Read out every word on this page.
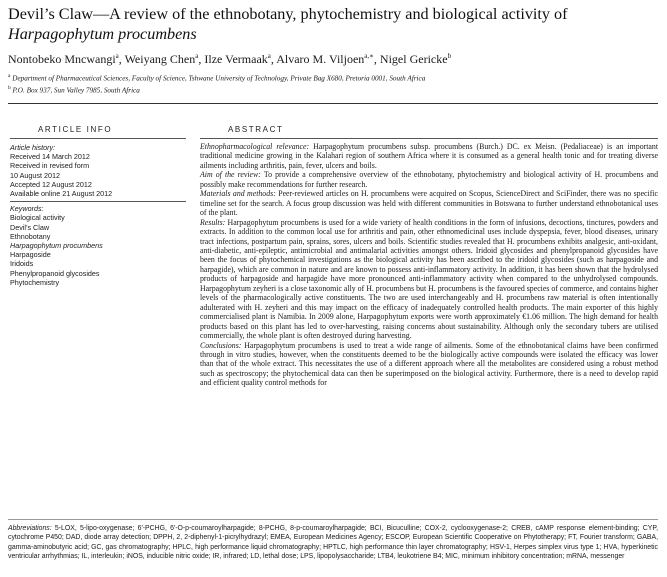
Devil’s Claw—A review of the ethnobotany, phytochemistry and biological activity of Harpagophytum procumbens
Nontobeko Mncwangi$^a$, Weiyang Chen$^a$, Ilze Vermaak$^a$, Alvaro M. Viljoen$^{a,∗}$, Nigel Gericke$^b$
$^a$ Department of Pharmaceutical Sciences, Faculty of Science, Tshwane University of Technology, Private Bag X680, Pretoria 0001, South Africa
$^b$ P.O. Box 937, Sun Valley 7985, South Africa
ARTICLE INFO	ABSTRACT
Article history:
Received 14 March 2012
Received in revised form
10 August 2012
Accepted 12 August 2012
Available online 21 August 2012
Keywords:
Biological activity
Devil’s Claw
Ethnobotany
Harpagophytum procumbens
Harpagoside
Iridoids
Phenylpropanoid glycosides
Phytochemistry

Ethnopharmacological relevance: Harpagophytum procumbens subsp. procumbens (Burch.) DC. ex Meisn. (Pedaliaceae) is an important traditional medicine growing in the Kalahari region of southern Africa where it is consumed as a general health tonic and for treating diverse ailments including arthritis, pain, fever, ulcers and boils.

Aim of the review: To provide a comprehensive overview of the ethnobotany, phytochemistry and biological activity of H. procumbens and possibly make recommendations for further research.

Materials and methods: Peer-reviewed articles on H. procumbens were acquired on Scopus, ScienceDirect and SciFinder, there was no specific timeline set for the search. A focus group discussion was held with different communities in Botswana to further understand ethnobotanical uses of the plant.

Results: Harpagophytum procumbens is used for a wide variety of health conditions in the form of infusions, decoctions, tinctures, powders and extracts. In addition to the common local use for arthritis and pain, other ethnomedicinal uses include dyspepsia, fever, blood diseases, urinary tract infections, postpartum pain, sprains, sores, ulcers and boils. Scientific studies revealed that H. procumbens exhibits analgesic, anti-oxidant, anti-diabetic, anti-epileptic, antimicrobial and antimalarial activities amongst others. Iridoid glycosides and phenylpropanoid glycosides have been the focus of phytochemical investigations as the biological activity has been ascribed to the iridoid glycosides (such as harpagoside and harpagide), which are common in nature and are known to possess anti-inflammatory activity. In addition, it has been shown that the hydrolysed products of harpagoside and harpagide have more pronounced anti-inflammatory activity when compared to the unhydrolysed compounds. Harpagophytum zeyheri is a close taxonomic ally of H. procumbens but H. procumbens is the favoured species of commerce, and contains higher levels of the pharmacologically active constituents. The two are used interchangeably and H. procumbens raw material is often intentionally adulterated with H. zeyheri and this may impact on the efficacy of inadequately controlled health products. The main exporter of this highly commercialised plant is Namibia. In 2009 alone, Harpagophytum exports were worth approximately €1.06 million. The high demand for health products based on this plant has led to over-harvesting, raising concerns about sustainability. Although only the secondary tubers are utilised commercially, the whole plant is often destroyed during harvesting.

Conclusions: Harpagophytum procumbens is used to treat a wide range of ailments. Some of the ethnobotanical claims have been confirmed through in vitro studies, however, when the constituents deemed to be the biologically active compounds were isolated the efficacy was lower than that of the whole extract. This necessitates the use of a different approach where all the metabolites are considered using a robust method such as spectroscopy; the phytochemical data can then be superimposed on the biological activity. Furthermore, there is a need to develop rapid and efficient quality control methods for

Abbreviations: 5-LOX, 5-lipo-oxygenase; 6′-PCHG, 6′-O-p-coumaroylharpagide; 8-PCHG, 8-p-coumaroylharpagide; BCI, Bicuculline; COX-2, cyclooxygenase-2; CREB, cAMP response element-binding; CYP, cytochrome P450; DAD, diode array detection; DPPH, 2, 2-diphenyl-1-picrylhydrazyl; EMEA, European Medicines Agency; ESCOP, European Scientific Cooperative on Phytotherapy; FT, Fourier transform; GABA, gamma-aminobutyric acid; GC, gas chromatography; HPLC, high performance liquid chromatography; HPTLC, high performance thin layer chromatography; HSV-1, Herpes simplex virus type 1; HVA, hyperkinetic ventricular arrhythmias; IL, interleukin; iNOS, inducible nitric oxide; IR, infrared; LD, lethal dose; LPS, lipopolysaccharide; LTB4, leukotriene B4; MIC, minimum inhibitory concentration; mRNA, messenger
